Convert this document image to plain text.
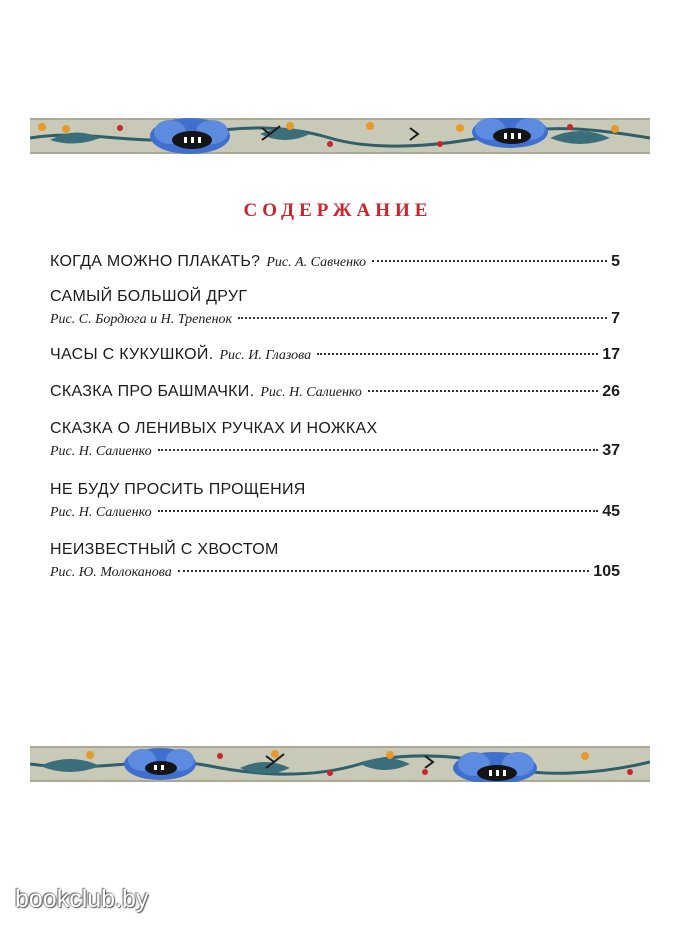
СОДЕРЖАНИЕ
КОГДА МОЖНО ПЛАКАТЬ? Рис. А. Савченко	5
САМЫЙ БОЛЬШОЙ ДРУГ
Рис. С. Бордюга и Н. Трепенок	7
ЧАСЫ С КУКУШКОЙ. Рис. И. Глазова	17
СКАЗКА ПРО БАШМАЧКИ. Рис. Н. Салиенко	26
СКАЗКА О ЛЕНИВЫХ РУЧКАХ И НОЖКАХ
Рис. Н. Салиенко	37
НЕ БУДУ ПРОСИТЬ ПРОЩЕНИЯ
Рис. Н. Салиенко	45
НЕИЗВЕСТНЫЙ С ХВОСТОМ
Рис. Ю. Молоканова	105
bookclub.by
